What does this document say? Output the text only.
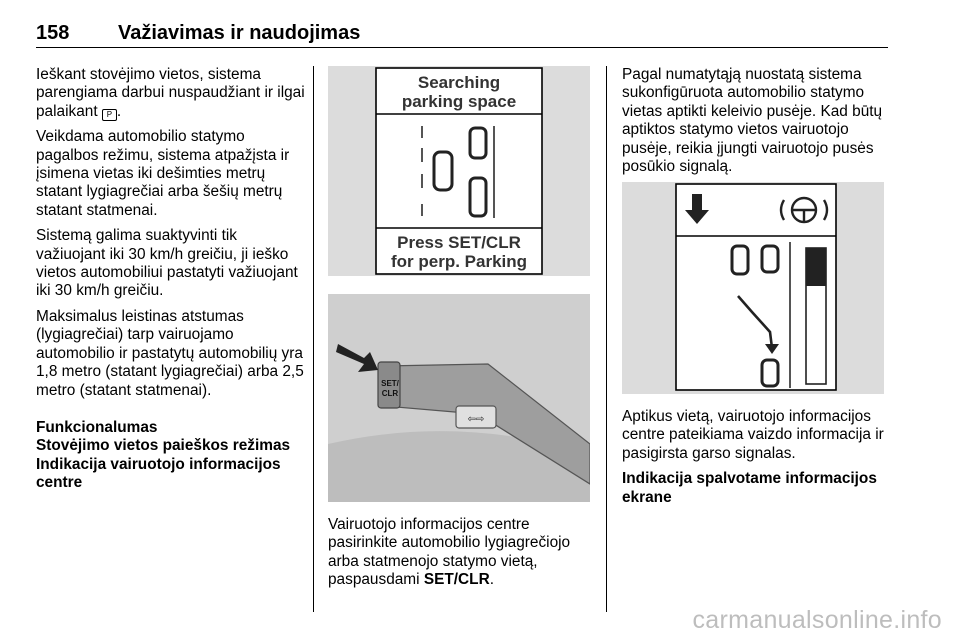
158 Važiavimas ir naudojimas

Ieškant stovėjimo vietos, sistema parengiama darbui nuspaudžiant ir ilgai palaikant P .

Veikdama automobilio statymo pagalbos režimu, sistema atpažįsta ir įsimena vietas iki dešimties metrų statant lygiagrečiai arba šešių metrų statant statmenai.

Sistemą galima suaktyvinti tik važiuojant iki 30 km/h greičiu, ji ieško vietos automobiliui pastatyti važiuojant iki 30 km/h greičiu.

Maksimalus leistinas atstumas (lygiagrečiai) tarp vairuojamo automobilio ir pastatytų automobilių yra 1,8 metro (statant lygiagrečiai) arba 2,5 metro (statant statmenai).

Funkcionalumas
Stovėjimo vietos paieškos režimas
Indikacija vairuotojo informacijos centre
Searching
parking space
Press SET/CLR
for perp. Parking
SET/
CLR
⇦⇨
Vairuotojo informacijos centre pasirinkite automobilio lygiagrečiojo arba statmenojo statymo vietą, paspausdami SET/CLR.

Pagal numatytąją nuostatą sistema sukonfigūruota automobilio statymo vietas aptikti keleivio pusėje. Kad būtų aptiktos statymo vietos vairuotojo pusėje, reikia įjungti vairuotojo pusės posūkio signalą.

Aptikus vietą, vairuotojo informacijos centre pateikiama vaizdo informacija ir pasigirsta garso signalas.

Indikacija spalvotame informacijos ekrane
carmanualsonline.info
